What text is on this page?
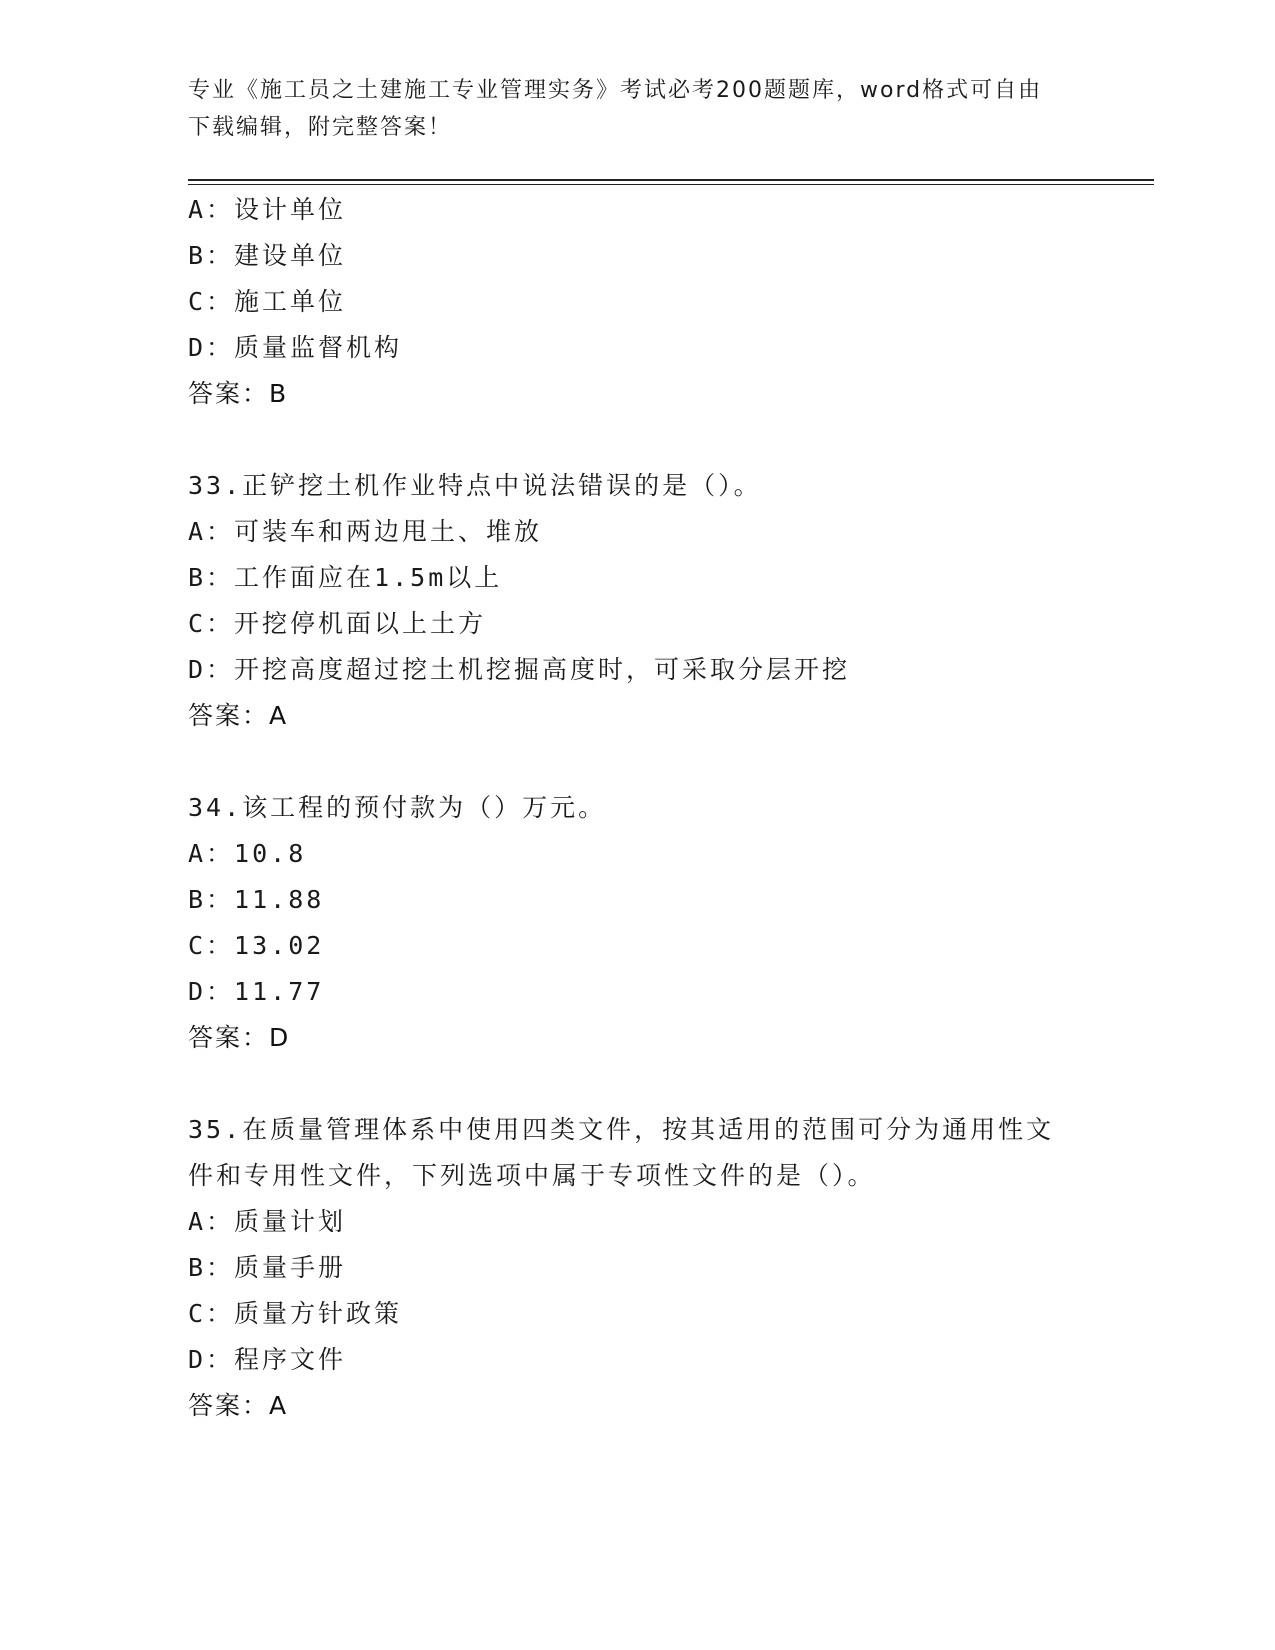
专业《施工员之土建施工专业管理实务》考试必考200题题库，word格式可自由
下载编辑，附完整答案！
A：设计单位
B：建设单位
C：施工单位
D：质量监督机构
答案：B
33.正铲挖土机作业特点中说法错误的是（）。
A：可装车和两边甩土、堆放
B：工作面应在1.5m以上
C：开挖停机面以上土方
D：开挖高度超过挖土机挖掘高度时，可采取分层开挖
答案：A
34.该工程的预付款为（）万元。
A：10.8
B：11.88
C：13.02
D：11.77
答案：D
35.在质量管理体系中使用四类文件，按其适用的范围可分为通用性文
件和专用性文件，下列选项中属于专项性文件的是（）。
A：质量计划
B：质量手册
C：质量方针政策
D：程序文件
答案：A
